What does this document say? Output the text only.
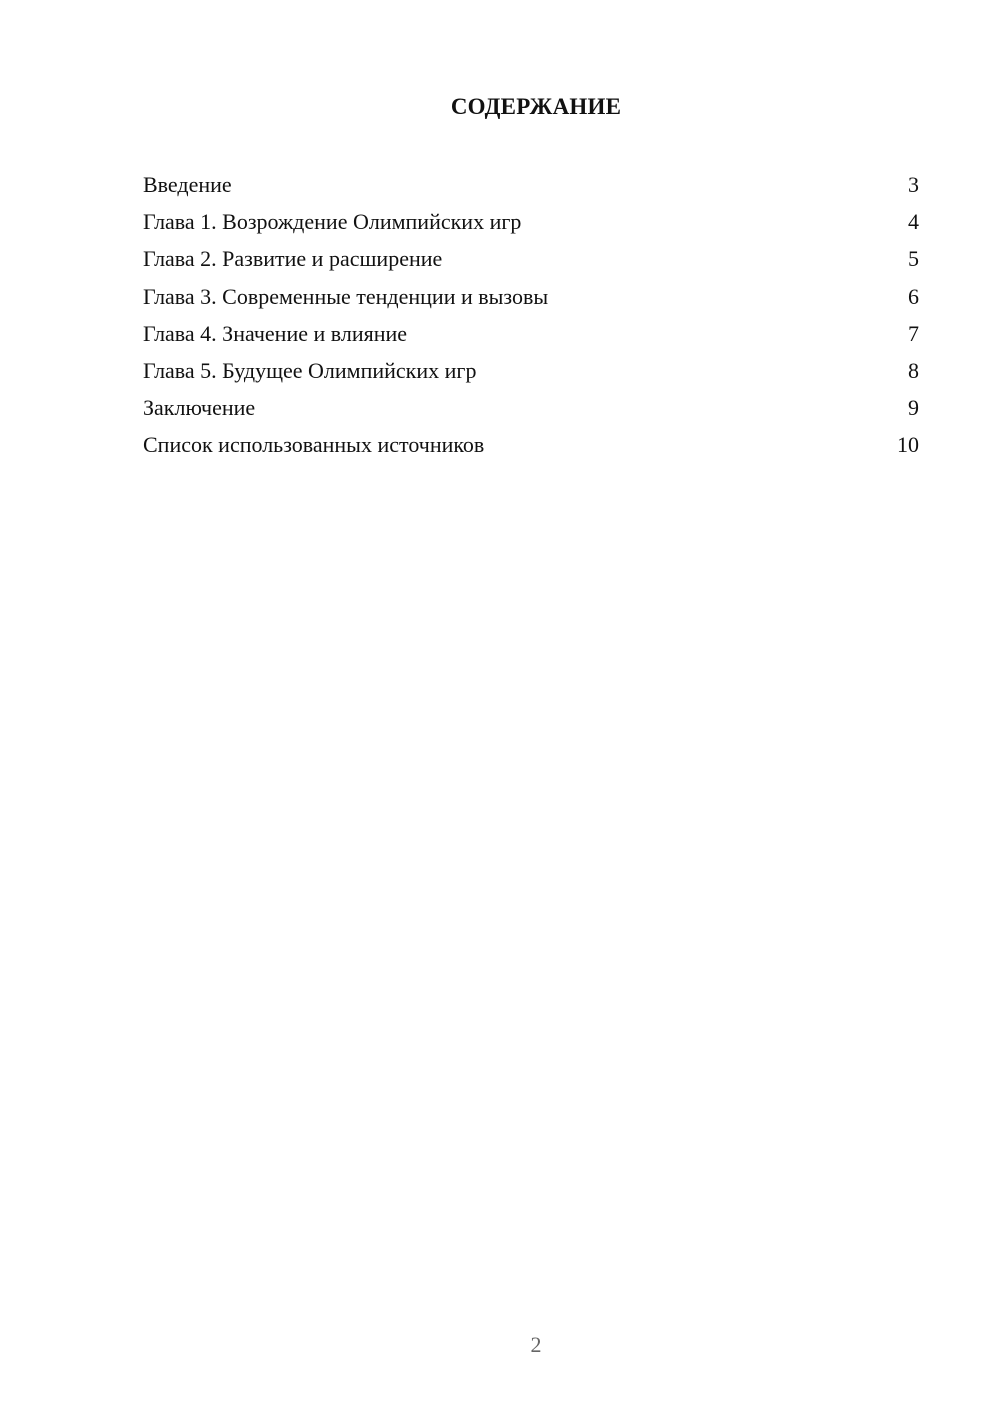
СОДЕРЖАНИЕ
Введение	3
Глава 1. Возрождение Олимпийских игр	4
Глава 2. Развитие и расширение	5
Глава 3. Современные тенденции и вызовы	6
Глава 4. Значение и влияние	7
Глава 5. Будущее Олимпийских игр	8
Заключение	9
Список использованных источников	10
2
